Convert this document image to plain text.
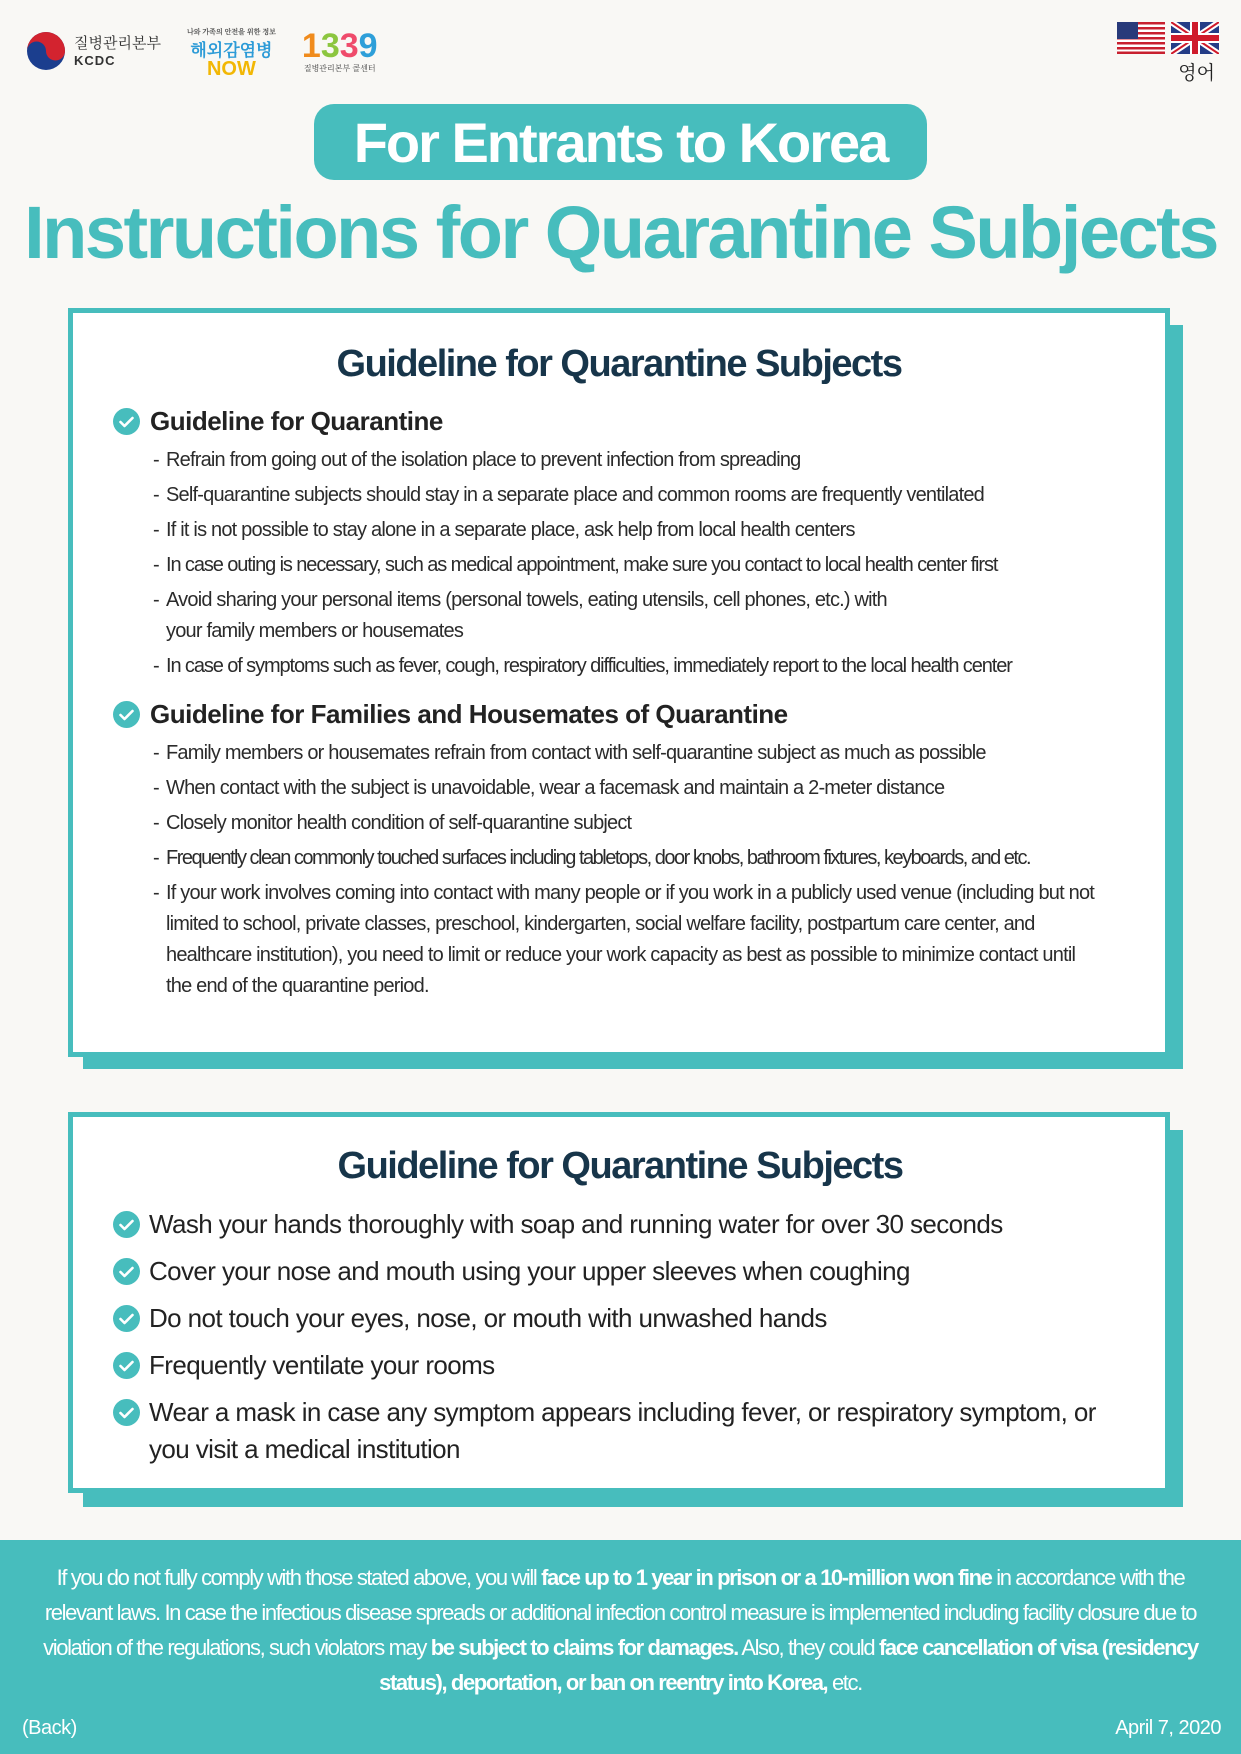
질병관리본부
KCDC
나와 가족의 안전을 위한 정보
해외감염병
NOW
1339
질병관리본부 콜센터	영어
For Entrants to Korea
Instructions for Quarantine Subjects
Guideline for Quarantine Subjects
Guideline for Quarantine
- Refrain from going out of the isolation place to prevent infection from spreading
- Self-quarantine subjects should stay in a separate place and common rooms are frequently ventilated
- If it is not possible to stay alone in a separate place, ask help from local health centers
- In case outing is necessary, such as medical appointment, make sure you contact to local health center first
- Avoid sharing your personal items (personal towels, eating utensils, cell phones, etc.) with your family members or housemates
- In case of symptoms such as fever, cough, respiratory difficulties, immediately report to the local health center
Guideline for Families and Housemates of Quarantine
- Family members or housemates refrain from contact with self-quarantine subject as much as possible
- When contact with the subject is unavoidable, wear a facemask and maintain a 2-meter distance
- Closely monitor health condition of self-quarantine subject
- Frequently clean commonly touched surfaces including tabletops, door knobs, bathroom fixtures, keyboards, and etc.
- If your work involves coming into contact with many people or if you work in a publicly used venue (including but not limited to school, private classes, preschool, kindergarten, social welfare facility, postpartum care center, and healthcare institution), you need to limit or reduce your work capacity as best as possible to minimize contact until the end of the quarantine period.
Guideline for Quarantine Subjects
Wash your hands thoroughly with soap and running water for over 30 seconds
Cover your nose and mouth using your upper sleeves when coughing
Do not touch your eyes, nose, or mouth with unwashed hands
Frequently ventilate your rooms
Wear a mask in case any symptom appears including fever, or respiratory symptom, or you visit a medical institution
If you do not fully comply with those stated above, you will face up to 1 year in prison or a 10-million won fine in accordance with the relevant laws. In case the infectious disease spreads or additional infection control measure is implemented including facility closure due to violation of the regulations, such violators may be subject to claims for damages. Also, they could face cancellation of visa (residency status), deportation, or ban on reentry into Korea, etc.
(Back)	April 7, 2020
